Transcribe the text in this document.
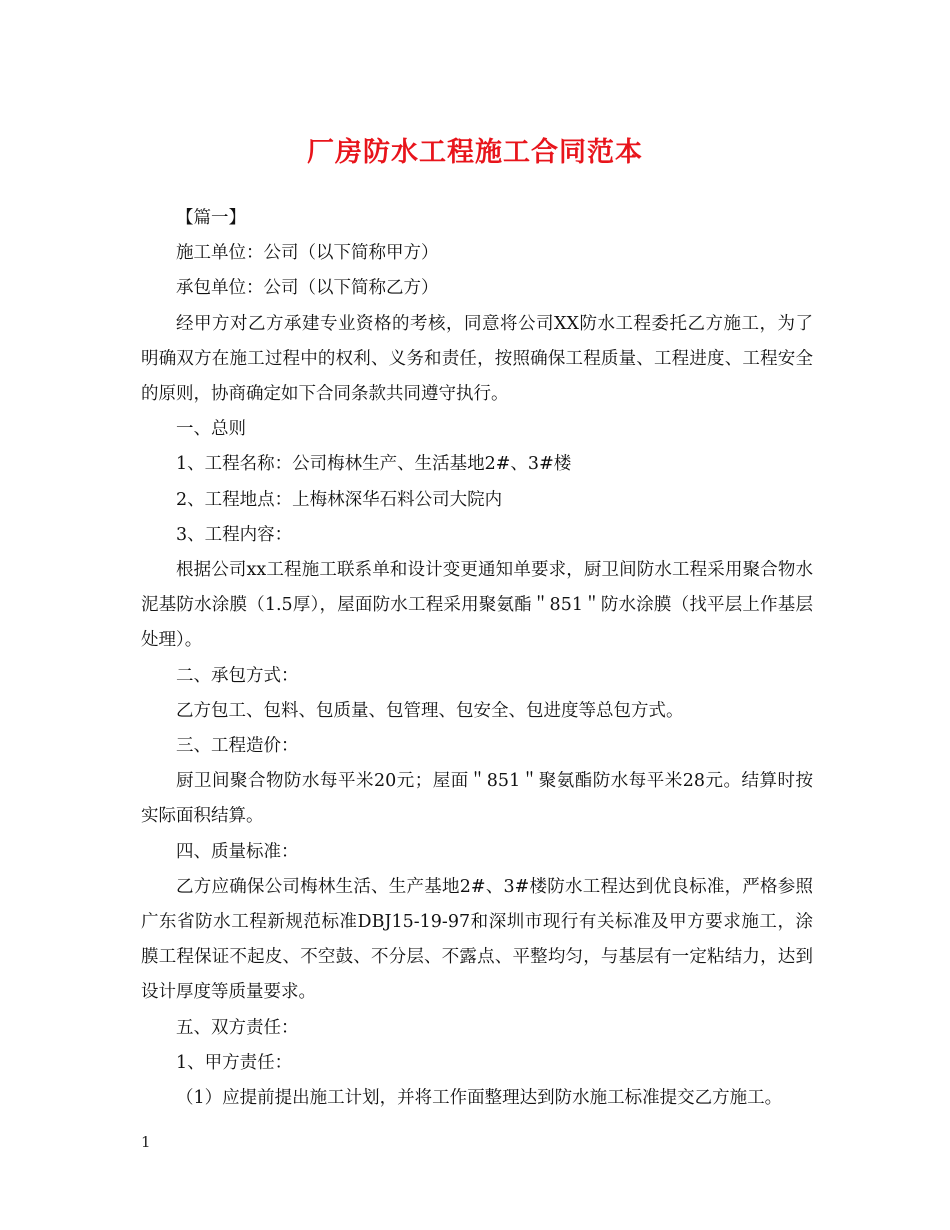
厂房防水工程施工合同范本

【篇一】

施工单位：公司（以下简称甲方）

承包单位：公司（以下简称乙方）

经甲方对乙方承建专业资格的考核，同意将公司XX防水工程委托乙方施工，为了明确双方在施工过程中的权利、义务和责任，按照确保工程质量、工程进度、工程安全的原则，协商确定如下合同条款共同遵守执行。

一、总则

1、工程名称：公司梅林生产、生活基地2#、3#楼

2、工程地点：上梅林深华石料公司大院内

3、工程内容：

根据公司xx工程施工联系单和设计变更通知单要求，厨卫间防水工程采用聚合物水泥基防水涂膜（1.5厚），屋面防水工程采用聚氨酯＂851＂防水涂膜（找平层上作基层处理）。

二、承包方式：

乙方包工、包料、包质量、包管理、包安全、包进度等总包方式。

三、工程造价：

厨卫间聚合物防水每平米20元；屋面＂851＂聚氨酯防水每平米28元。结算时按实际面积结算。

四、质量标准：

乙方应确保公司梅林生活、生产基地2#、3#楼防水工程达到优良标准，严格参照广东省防水工程新规范标准DBJ15-19-97和深圳市现行有关标准及甲方要求施工，涂膜工程保证不起皮、不空鼓、不分层、不露点、平整均匀，与基层有一定粘结力，达到设计厚度等质量要求。

五、双方责任：

1、甲方责任：

（1）应提前提出施工计划，并将工作面整理达到防水施工标准提交乙方施工。

1
